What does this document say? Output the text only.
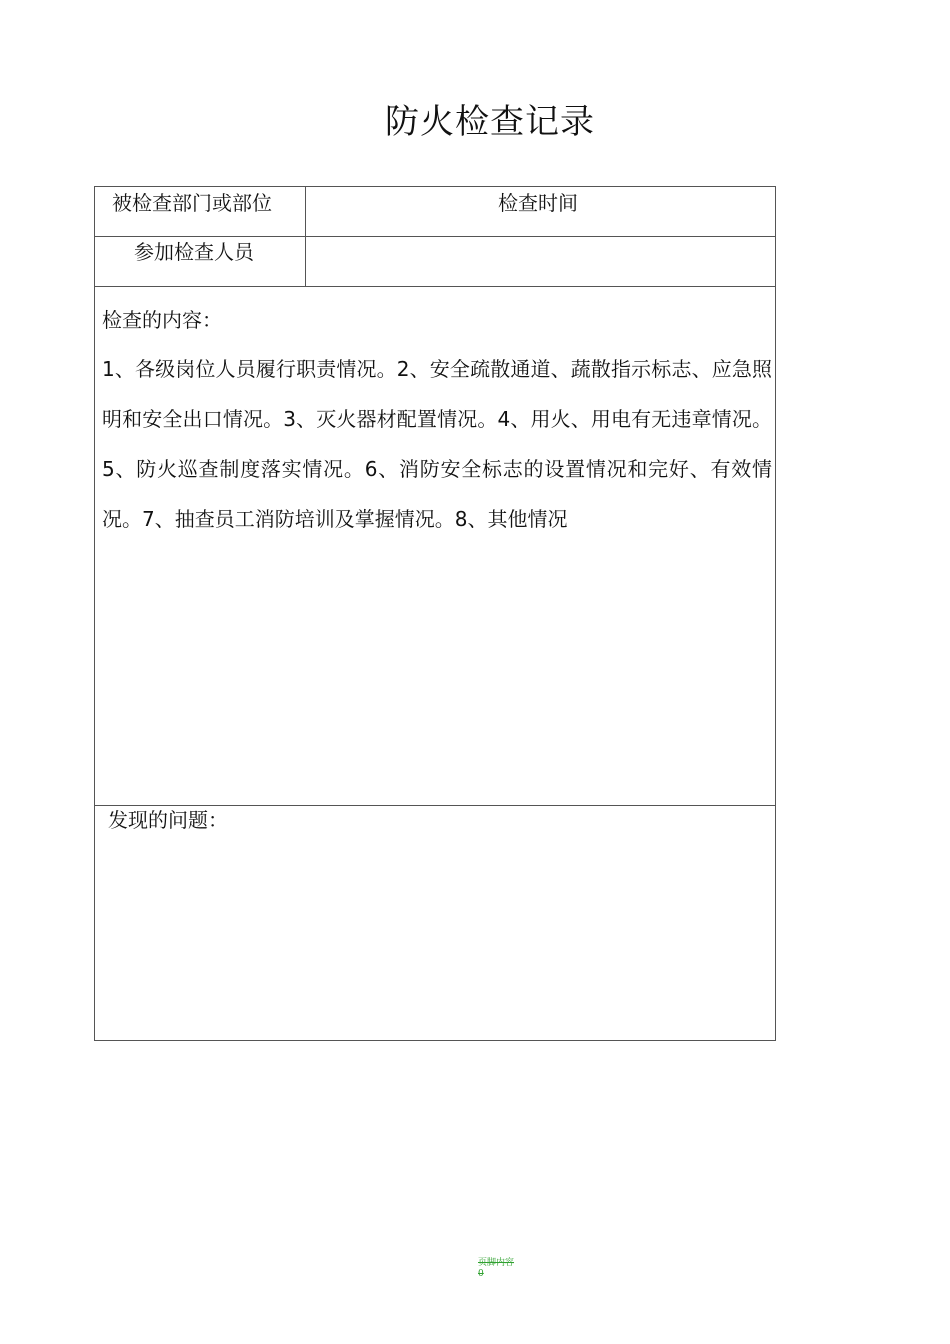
防火检查记录
被检查部门或部位	检查时间
参加检查人员
检查的内容：
1、各级岗位人员履行职责情况。2、安全疏散通道、蔬散指示标志、应急照明和安全出口情况。3、灭火器材配置情况。4、用火、用电有无违章情况。5、防火巡查制度落实情况。6、消防安全标志的设置情况和完好、有效情况。7、抽查员工消防培训及掌握情况。8、其他情况
发现的问题：
页脚内容0
